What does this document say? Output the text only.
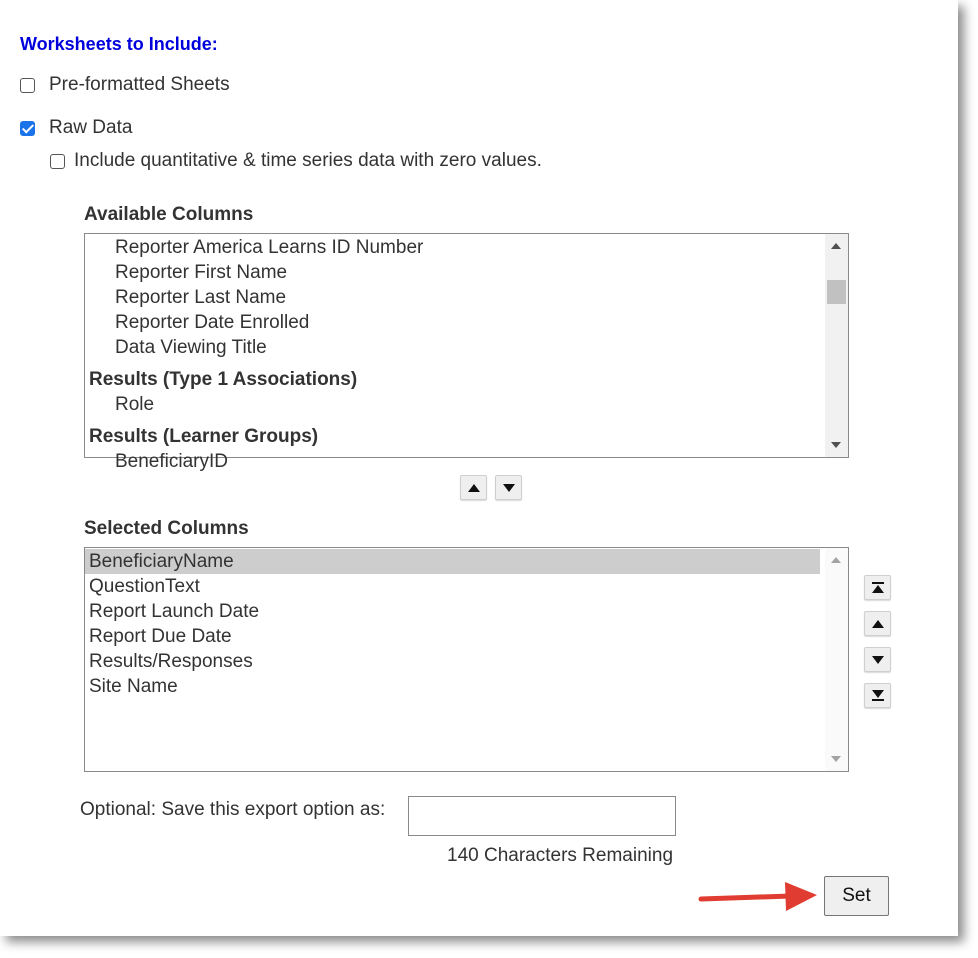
Worksheets to Include:
Pre-formatted Sheets
Raw Data
Include quantitative & time series data with zero values.
Available Columns
Reporter America Learns ID Number
Reporter First Name
Reporter Last Name
Reporter Date Enrolled
Data Viewing Title
Results (Type 1 Associations)
Role
Results (Learner Groups)
BeneficiaryID
Selected Columns
BeneficiaryName
QuestionText
Report Launch Date
Report Due Date
Results/Responses
Site Name
Optional: Save this export option as:
140 Characters Remaining
Set
